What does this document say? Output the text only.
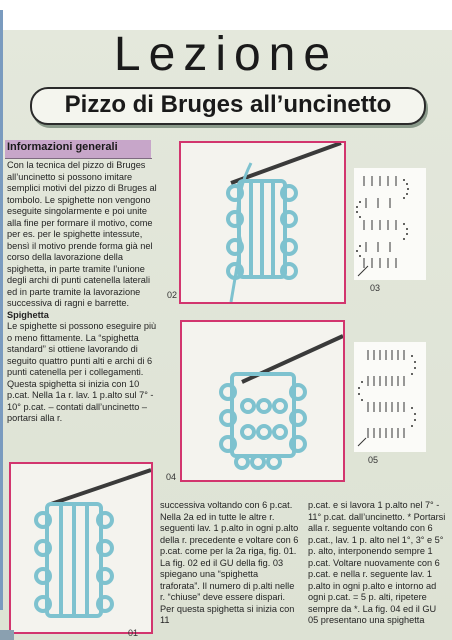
Lezione
Pizzo di Bruges all’uncinetto
Informazioni generali

Con la tecnica del pizzo di Bruges all’uncinetto si possono imitare semplici motivi del pizzo di Bruges al tombolo. Le spighette non vengono eseguite singolarmente e poi unite alla fine per formare il motivo, come per es. per le spighette intessute, bensì il motivo prende forma già nel corso della lavorazione della spighetta, in parte tramite l’unione degli archi di punti catenella laterali ed in parte tramite la lavorazione successiva di ragni e barrette.

Spighetta

Le spighette si possono eseguire più o meno fittamente. La “spighetta standard” si ottiene lavorando di seguito quattro punti alti e archi di 6 punti catenella per i collegamenti. Questa spighetta si inizia con 10 p.cat. Nella 1a r. lav. 1 p.alto sul 7° - 10° p.cat. – contati dall’uncinetto – portarsi alla r.

02
03
04
05
01
successiva voltando con 6 p.cat. Nella 2a ed in tutte le altre r. seguenti lav. 1 p.alto in ogni p.alto della r. precedente e voltare con 6 p.cat. come per la 2a riga, fig. 01. La fig. 02 ed il GU della fig. 03 spiegano una “spighetta traforata”. Il numero di p.alti nelle r. “chiuse” deve essere dispari. Per questa spighetta si inizia con 11
p.cat. e si lavora 1 p.alto nel 7° - 11° p.cat. dall’uncinetto. * Portarsi alla r. seguente voltando con 6 p.cat., lav. 1 p. alto nel 1°, 3° e 5° p. alto, interponendo sempre 1 p.cat. Voltare nuovamente con 6 p.cat. e nella r. seguente lav. 1 p.alto in ogni p.alto e intorno ad ogni p.cat. = 5 p. alti, ripetere sempre da *. La fig. 04 ed il GU 05 presentano una spighetta
